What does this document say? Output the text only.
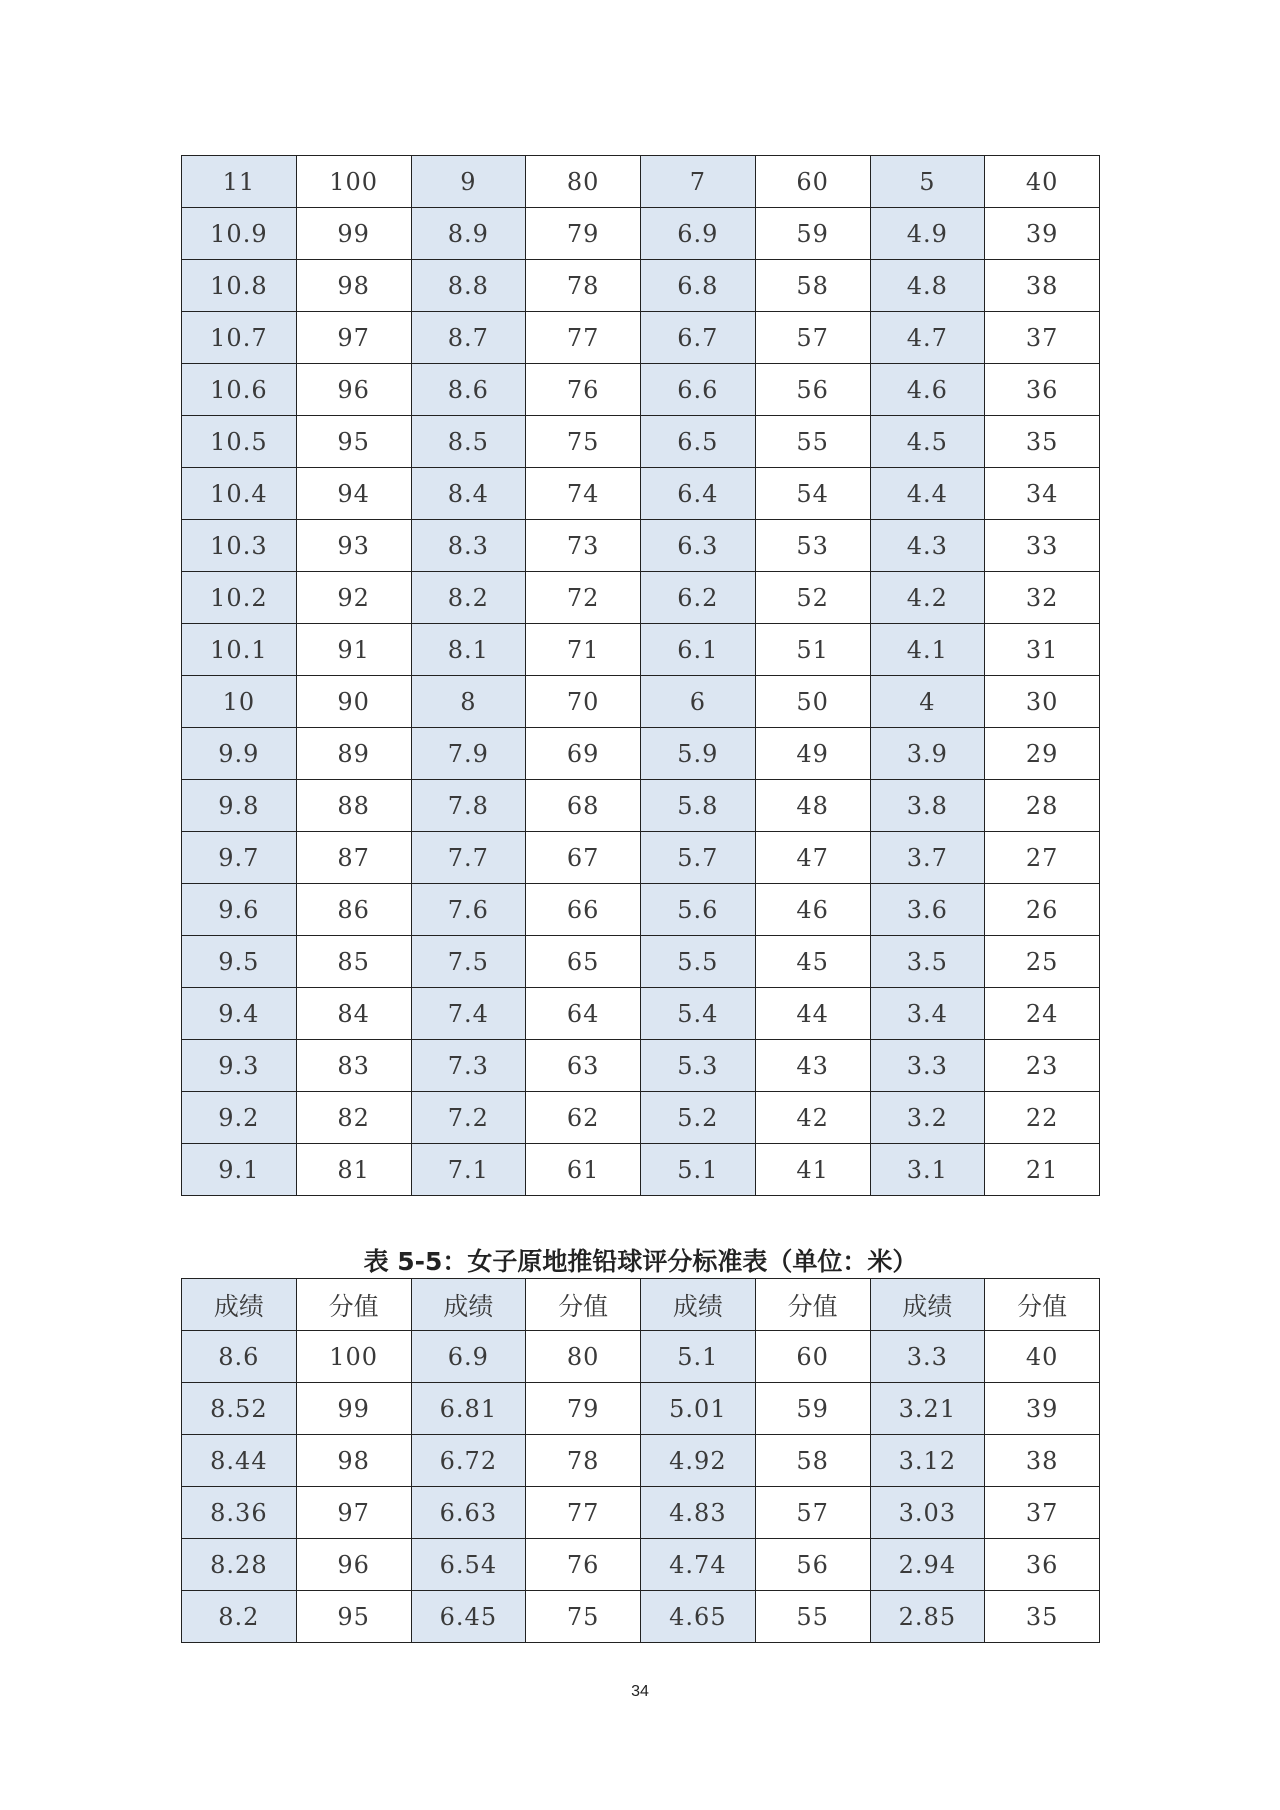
11	100	9	80	7	60	5	40
10.9	99	8.9	79	6.9	59	4.9	39
10.8	98	8.8	78	6.8	58	4.8	38
10.7	97	8.7	77	6.7	57	4.7	37
10.6	96	8.6	76	6.6	56	4.6	36
10.5	95	8.5	75	6.5	55	4.5	35
10.4	94	8.4	74	6.4	54	4.4	34
10.3	93	8.3	73	6.3	53	4.3	33
10.2	92	8.2	72	6.2	52	4.2	32
10.1	91	8.1	71	6.1	51	4.1	31
10	90	8	70	6	50	4	30
9.9	89	7.9	69	5.9	49	3.9	29
9.8	88	7.8	68	5.8	48	3.8	28
9.7	87	7.7	67	5.7	47	3.7	27
9.6	86	7.6	66	5.6	46	3.6	26
9.5	85	7.5	65	5.5	45	3.5	25
9.4	84	7.4	64	5.4	44	3.4	24
9.3	83	7.3	63	5.3	43	3.3	23
9.2	82	7.2	62	5.2	42	3.2	22
9.1	81	7.1	61	5.1	41	3.1	21
表 5-5：女子原地推铅球评分标准表（单位：米）
成绩	分值	成绩	分值	成绩	分值	成绩	分值
8.6	100	6.9	80	5.1	60	3.3	40
8.52	99	6.81	79	5.01	59	3.21	39
8.44	98	6.72	78	4.92	58	3.12	38
8.36	97	6.63	77	4.83	57	3.03	37
8.28	96	6.54	76	4.74	56	2.94	36
8.2	95	6.45	75	4.65	55	2.85	35
34
